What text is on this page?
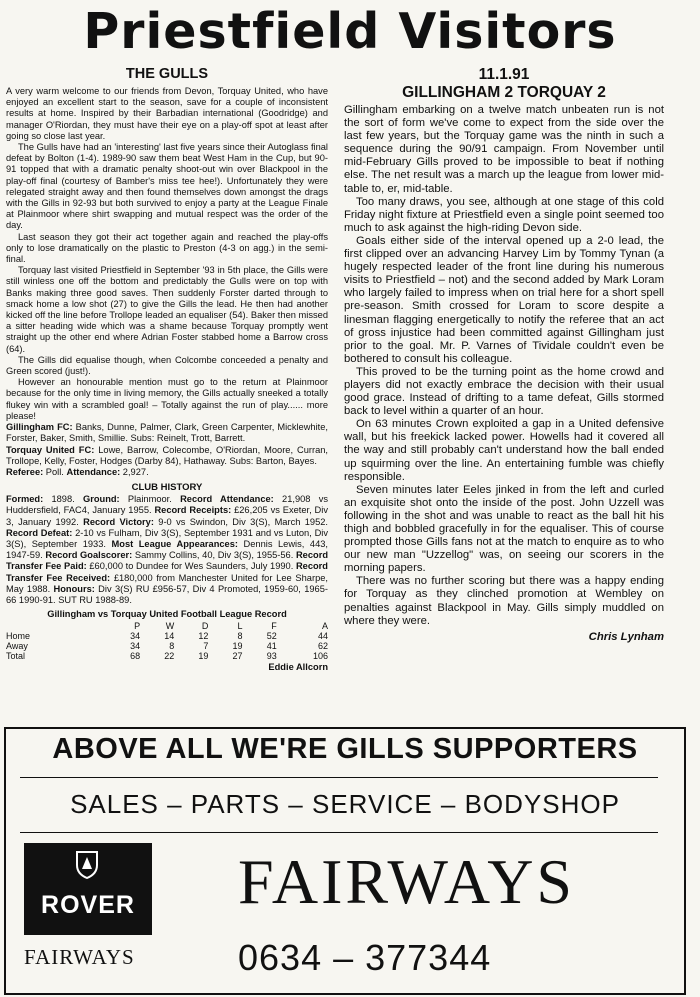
Priestfield Visitors
THE GULLS

A very warm welcome to our friends from Devon, Torquay United, who have enjoyed an excellent start to the season, save for a couple of inconsistent results at home. Inspired by their Barbadian international (Goodridge) and manager O'Riordan, they must have their eye on a play-off spot at least after going so close last year.

The Gulls have had an 'interesting' last five years since their Autoglass final defeat by Bolton (1-4). 1989-90 saw them beat West Ham in the Cup, but 90-91 topped that with a dramatic penalty shoot-out win over Blackpool in the play-off final (courtesy of Bamber's miss tee hee!). Unfortunately they were relegated straight away and then found themselves down amongst the drags with the Gills in 92-93 but both survived to enjoy a party at the League Finale at Plainmoor where shirt swapping and mutual respect was the order of the day.

Last season they got their act together again and reached the play-offs only to lose dramatically on the plastic to Preston (4-3 on agg.) in the semi-final.

Torquay last visited Priestfield in September '93 in 5th place, the Gills were still winless one off the bottom and predictably the Gulls were on top with Banks making three good saves. Then suddenly Forster darted through to smack home a low shot (27) to give the Gills the lead. He then had another kicked off the line before Trollope leaded an equaliser (54). Baker then missed a sitter heading wide which was a shame because Torquay promptly went straight up the other end where Adrian Foster stabbed home a Barrow cross (64).

The Gills did equalise though, when Colcombe conceeded a penalty and Green scored (just!).

However an honourable mention must go to the return at Plainmoor because for the only time in living memory, the Gills actually sneeked a totally flukey win with a scrambled goal! – Totally against the run of play...... more please!

Gillingham FC: Banks, Dunne, Palmer, Clark, Green Carpenter, Micklewhite, Forster, Baker, Smith, Smillie. Subs: Reinelt, Trott, Barrett.

Torquay United FC: Lowe, Barrow, Colecombe, O'Riordan, Moore, Curran, Trollope, Kelly, Foster, Hodges (Darby 84), Hathaway. Subs: Barton, Bayes.

Referee: Poll. Attendance: 2,927.

CLUB HISTORY

Formed: 1898. Ground: Plainmoor. Record Attendance: 21,908 vs Huddersfield, FAC4, January 1955. Record Receipts: £26,205 vs Exeter, Div 3, January 1992. Record Victory: 9-0 vs Swindon, Div 3(S), March 1952. Record Defeat: 2-10 vs Fulham, Div 3(S), September 1931 and vs Luton, Div 3(S), September 1933. Most League Appearances: Dennis Lewis, 443, 1947-59. Record Goalscorer: Sammy Collins, 40, Div 3(S), 1955-56. Record Transfer Fee Paid: £60,000 to Dundee for Wes Saunders, July 1990. Record Transfer Fee Received: £180,000 from Manchester United for Lee Sharpe, May 1988. Honours: Div 3(S) RU £956-57, Div 4 Promoted, 1959-60, 1965-66 1990-91. SUT RU 1988-89.

Gillingham vs Torquay United Football League Record
	P	W	D	L	F	A
Home	34	14	12	8	52	44
Away	34	8	7	19	41	62
Total	68	22	19	27	93	106
Eddie Allcorn
11.1.91
GILLINGHAM 2 TORQUAY 2

Gillingham embarking on a twelve match unbeaten run is not the sort of form we've come to expect from the side over the last few years, but the Torquay game was the ninth in such a sequence during the 90/91 campaign. From November until mid-February Gills proved to be impossible to beat if nothing else. The net result was a march up the league from lower mid-table to, er, mid-table.

Too many draws, you see, although at one stage of this cold Friday night fixture at Priestfield even a single point seemed too much to ask against the high-riding Devon side.

Goals either side of the interval opened up a 2-0 lead, the first clipped over an advancing Harvey Lim by Tommy Tynan (a hugely respected leader of the front line during his numerous visits to Priestfield – not) and the second added by Mark Loram who largely failed to impress when on trial here for a short spell pre-season. Smith crossed for Loram to score despite a linesman flagging energetically to notify the referee that an act of gross injustice had been committed against Gillingham just prior to the goal. Mr. P. Varnes of Tividale couldn't even be bothered to consult his colleague.

This proved to be the turning point as the home crowd and players did not exactly embrace the decision with their usual good grace. Instead of drifting to a tame defeat, Gills stormed back to level within a quarter of an hour.

On 63 minutes Crown exploited a gap in a United defensive wall, but his freekick lacked power. Howells had it covered all the way and still probably can't understand how the ball ended up squirming over the line. An entertaining fumble was chiefly responsible.

Seven minutes later Eeles jinked in from the left and curled an exquisite shot onto the inside of the post. John Uzzell was following in the shot and was unable to react as the ball hit his thigh and bobbled gracefully in for the equaliser. This of course prompted those Gills fans not at the match to enquire as to who our new man "Uzzellog" was, on seeing our scorers in the morning papers.

There was no further scoring but there was a happy ending for Torquay as they clinched promotion at Wembley on penalties against Blackpool in May. Gills simply muddled on where they were.

Chris Lynham
ABOVE ALL WE'RE GILLS SUPPORTERS
SALES – PARTS – SERVICE – BODYSHOP
ROVER
FAIRWAYS
FAIRWAYS
0634 – 377344
